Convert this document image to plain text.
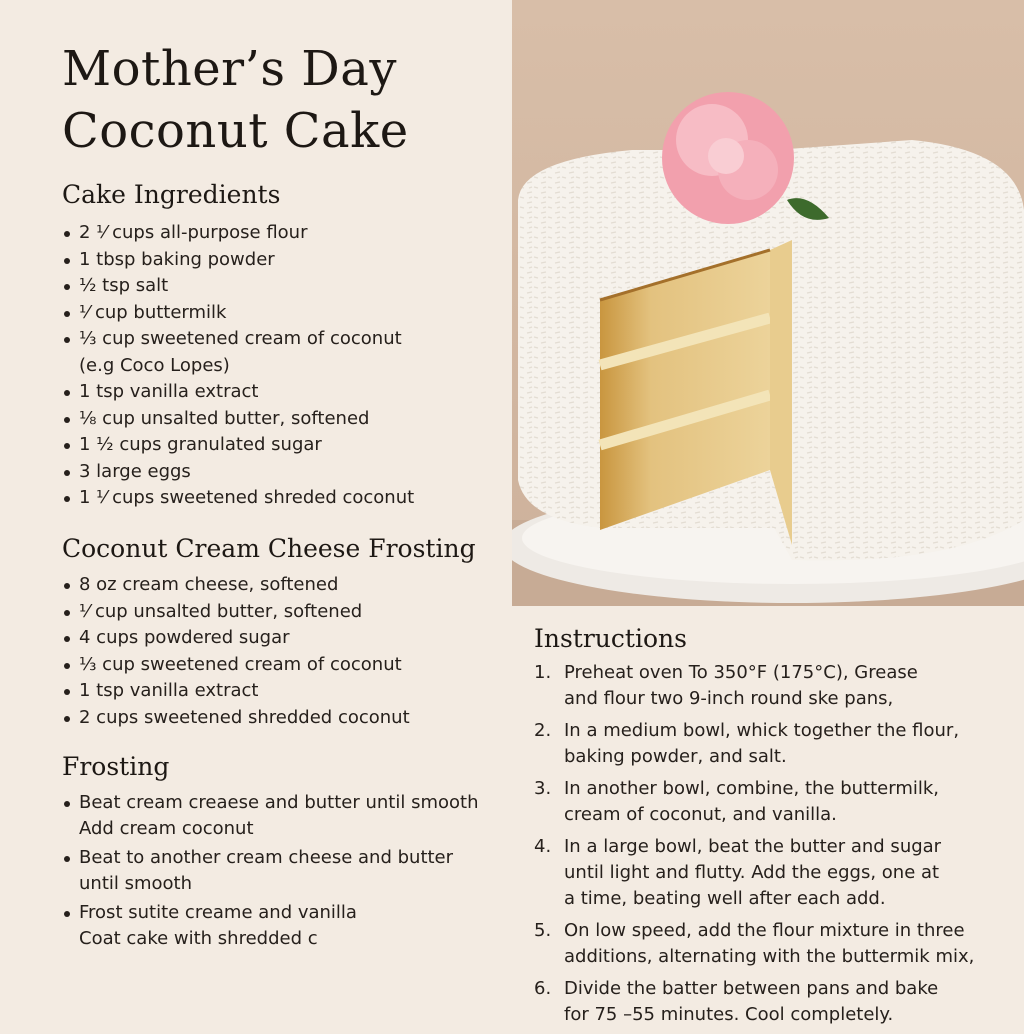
Mother’s Day Coconut Cake
Cake Ingredients
2 ⅟ cups all-purpose flour
1 tbsp baking powder
½ tsp salt
⅟ cup buttermilk
⅓ cup sweetened cream of coconut
(e.g Coco Lopes)
1 tsp vanilla extract
⅛ cup unsalted butter, softened
1 ½ cups granulated sugar
3 large eggs
1 ⅟ cups sweetened shreded coconut
Coconut Cream Cheese Frosting
8 oz cream cheese, softened
⅟ cup unsalted butter, softened
4 cups powdered sugar
⅓ cup sweetened cream of coconut
1 tsp vanilla extract
2 cups sweetened shredded coconut
Frosting
Beat cream creaese and butter until smooth
Add cream coconut
Beat to another cream cheese and butter
until smooth
Frost sutite creame and vanilla
Coat cake with shredded c
Instructions
1. Preheat oven To 350°F (175°C), Grease
and flour two 9-inch round ske pans,
2. In a medium bowl, whick together the flour,
baking powder, and salt.
3. In another bowl, combine, the buttermilk,
cream of coconut, and vanilla.
4. In a large bowl, beat the butter and sugar
until light and flutty. Add the eggs, one at
a time, beating well after each add.
5. On low speed, add the flour mixture in three
additions, alternating with the buttermik mix,
6. Divide the batter between pans and bake
for 75 –55 minutes. Cool completely.
